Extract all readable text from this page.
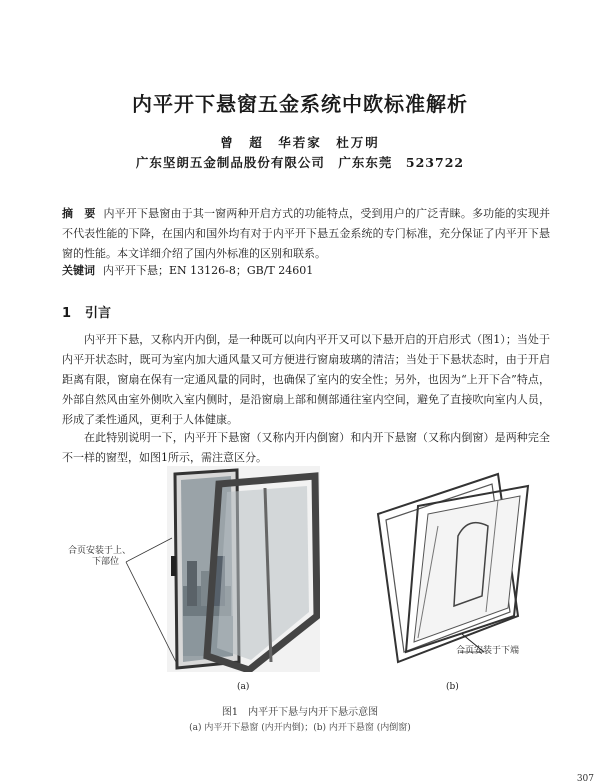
内平开下悬窗五金系统中欧标准解析
曾　超　华若家　杜万明
广东坚朗五金制品股份有限公司　广东东莞　523722
摘　要 内平开下悬窗由于其一窗两种开启方式的功能特点，受到用户的广泛青睐。多功能的实现并不代表性能的下降，在国内和国外均有对于内平开下悬五金系统的专门标准，充分保证了内平开下悬窗的性能。本文详细介绍了国内外标准的区别和联系。
关键词 内平开下悬；EN 13126-8；GB/T 24601
1 引言
内平开下悬，又称内开内倒，是一种既可以向内平开又可以下悬开启的开启形式（图1）；当处于内平开状态时，既可为室内加大通风量又可方便进行窗扇玻璃的清洁；当处于下悬状态时，由于开启距离有限，窗扇在保有一定通风量的同时，也确保了室内的安全性；另外，也因为“上开下合”特点，外部自然风由室外侧吹入室内侧时，是沿窗扇上部和侧部通往室内空间，避免了直接吹向室内人员，形成了柔性通风，更利于人体健康。
在此特别说明一下，内平开下悬窗（又称内开内倒窗）和内开下悬窗（又称内倒窗）是两种完全不一样的窗型，如图1所示，需注意区分。
合页安装于上、
下部位
合页安装于下端
(a)	(b)
图1　内平开下悬与内开下悬示意图
(a) 内平开下悬窗 (内开内倒)；(b) 内开下悬窗 (内倒窗)
307
